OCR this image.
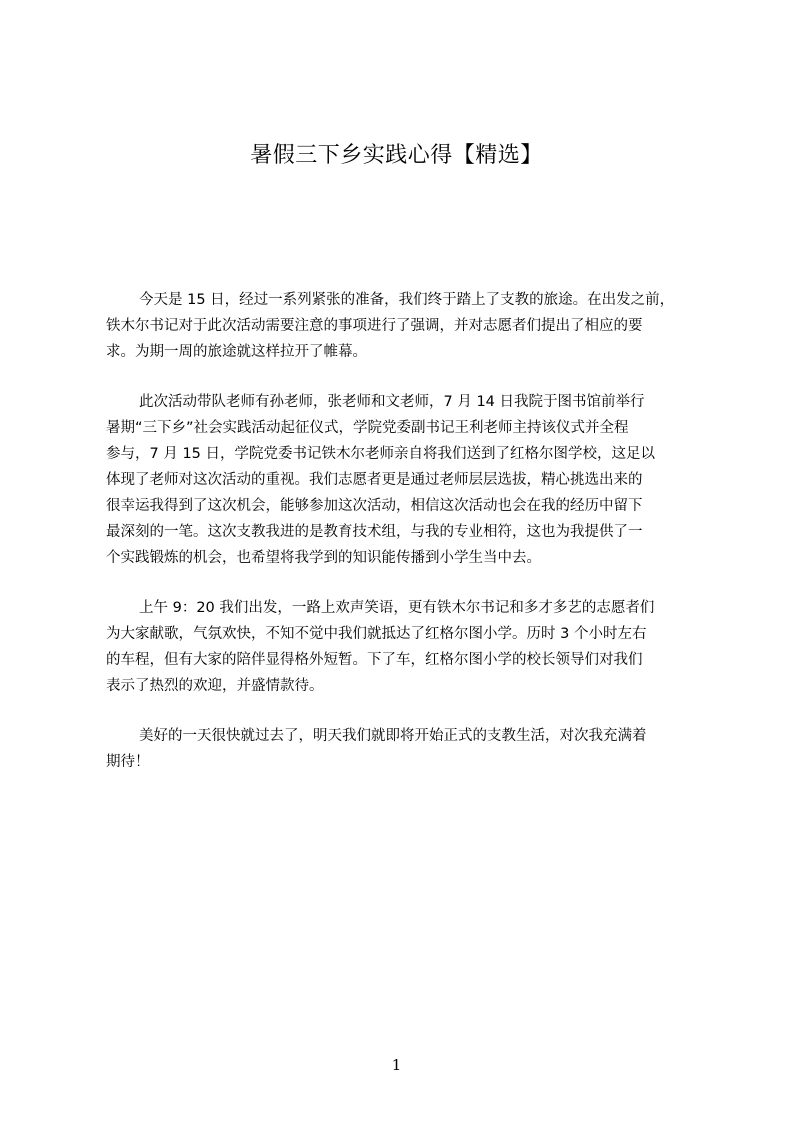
暑假三下乡实践心得【精选】
今天是 15 日，经过一系列紧张的准备，我们终于踏上了支教的旅途。在出发之前，
铁木尔书记对于此次活动需要注意的事项进行了强调，并对志愿者们提出了相应的要
求。为期一周的旅途就这样拉开了帷幕。
此次活动带队老师有孙老师，张老师和文老师，7 月 14 日我院于图书馆前举行
暑期“三下乡”社会实践活动起征仪式，学院党委副书记王利老师主持该仪式并全程
参与，7 月 15 日，学院党委书记铁木尔老师亲自将我们送到了红格尔图学校，这足以
体现了老师对这次活动的重视。我们志愿者更是通过老师层层选拔，精心挑选出来的
很幸运我得到了这次机会，能够参加这次活动，相信这次活动也会在我的经历中留下
最深刻的一笔。这次支教我进的是教育技术组，与我的专业相符，这也为我提供了一
个实践锻炼的机会，也希望将我学到的知识能传播到小学生当中去。
上午 9：20 我们出发，一路上欢声笑语，更有铁木尔书记和多才多艺的志愿者们
为大家献歌，气氛欢快，不知不觉中我们就抵达了红格尔图小学。历时 3 个小时左右
的车程，但有大家的陪伴显得格外短暂。下了车，红格尔图小学的校长领导们对我们
表示了热烈的欢迎，并盛情款待。
美好的一天很快就过去了，明天我们就即将开始正式的支教生活，对次我充满着
期待！
1
